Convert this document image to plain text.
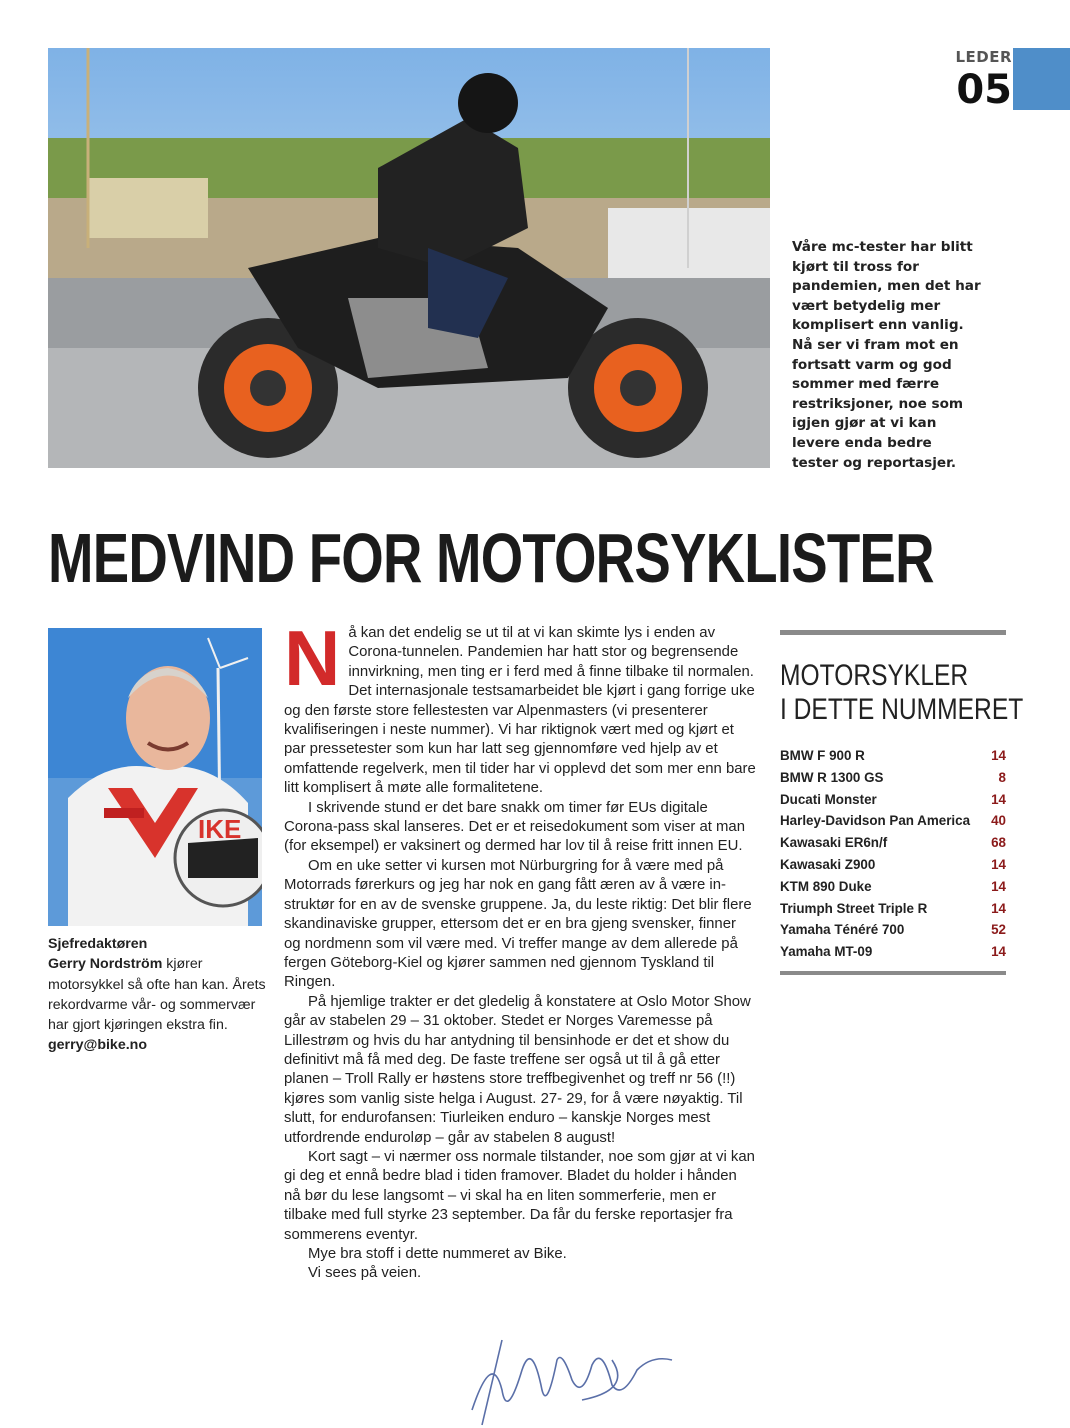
LEDER
05
Våre mc-tester har blitt kjørt til tross for pandemien, men det har vært betydelig mer komplisert enn vanlig. Nå ser vi fram mot en fortsatt varm og god sommer med færre restriksjoner, noe som igjen gjør at vi kan levere enda bedre tester og reportasjer.
MEDVIND FOR MOTORSYKLISTER
IKE
Sjefredaktøren
Gerry Nordström kjører motorsykkel så ofte han kan. Årets rekordvarme vår- og sommervær har gjort kjøringen ekstra fin.
gerry@bike.no
N å kan det endelig se ut til at vi kan skimte lys i enden av Corona-tunnelen. Pandemien har hatt stor og begrensende innvirkning, men ting er i ferd med å finne tilbake til normalen. Det internasjonale testsamarbeidet ble kjørt i gang forrige uke og den første store fellestesten var Alpenmasters (vi presenterer kvalifiseringen i neste nummer). Vi har riktignok vært med og kjørt et par pressetester som kun har latt seg gjennomføre ved hjelp av et omfattende regelverk, men til tider har vi opplevd det som mer enn bare litt komplisert å møte alle formalitetene.

I skrivende stund er det bare snakk om timer før EUs digitale Corona-pass skal lanseres. Det er et reisedokument som viser at man (for eksempel) er vaksinert og dermed har lov til å reise fritt innen EU.

Om en uke setter vi kursen mot Nürburgring for å være med på Motorrads førerkurs og jeg har nok en gang fått æren av å være instruktør for en av de svenske gruppene. Ja, du leste riktig: Det blir flere skandinaviske grupper, ettersom det er en bra gjeng svensker, finner og nordmenn som vil være med. Vi treffer mange av dem allerede på fergen Göteborg-Kiel og kjører sammen ned gjennom Tyskland til Ringen.

På hjemlige trakter er det gledelig å konstatere at Oslo Motor Show går av stabelen 29 – 31 oktober. Stedet er Norges Varemesse på Lillestrøm og hvis du har antydning til bensinhode er det et show du definitivt må få med deg. De faste treffene ser også ut til å gå etter planen – Troll Rally er høstens store treffbegivenhet og treff nr 56 (!!) kjøres som vanlig siste helga i August. 27- 29, for å være nøyaktig. Til slutt, for endurofansen: Tiurleiken enduro – kanskje Norges mest utfordrende enduroløp – går av stabelen 8 august!

Kort sagt – vi nærmer oss normale tilstander, noe som gjør at vi kan gi deg et ennå bedre blad i tiden framover. Bladet du holder i hånden nå bør du lese langsomt – vi skal ha en liten sommerferie, men er tilbake med full styrke 23 september. Da får du ferske reportasjer fra sommerens eventyr.

Mye bra stoff i dette nummeret av Bike.

Vi sees på veien.

MOTORSYKLER
I DETTE NUMMERET
BMW F 900 R	14
BMW R 1300 GS	8
Ducati Monster	14
Harley-Davidson Pan America 40
Kawasaki ER6n/f	68
Kawasaki Z900	14
KTM 890 Duke	14
Triumph Street Triple R	14
Yamaha Ténéré 700	52
Yamaha MT-09	14
